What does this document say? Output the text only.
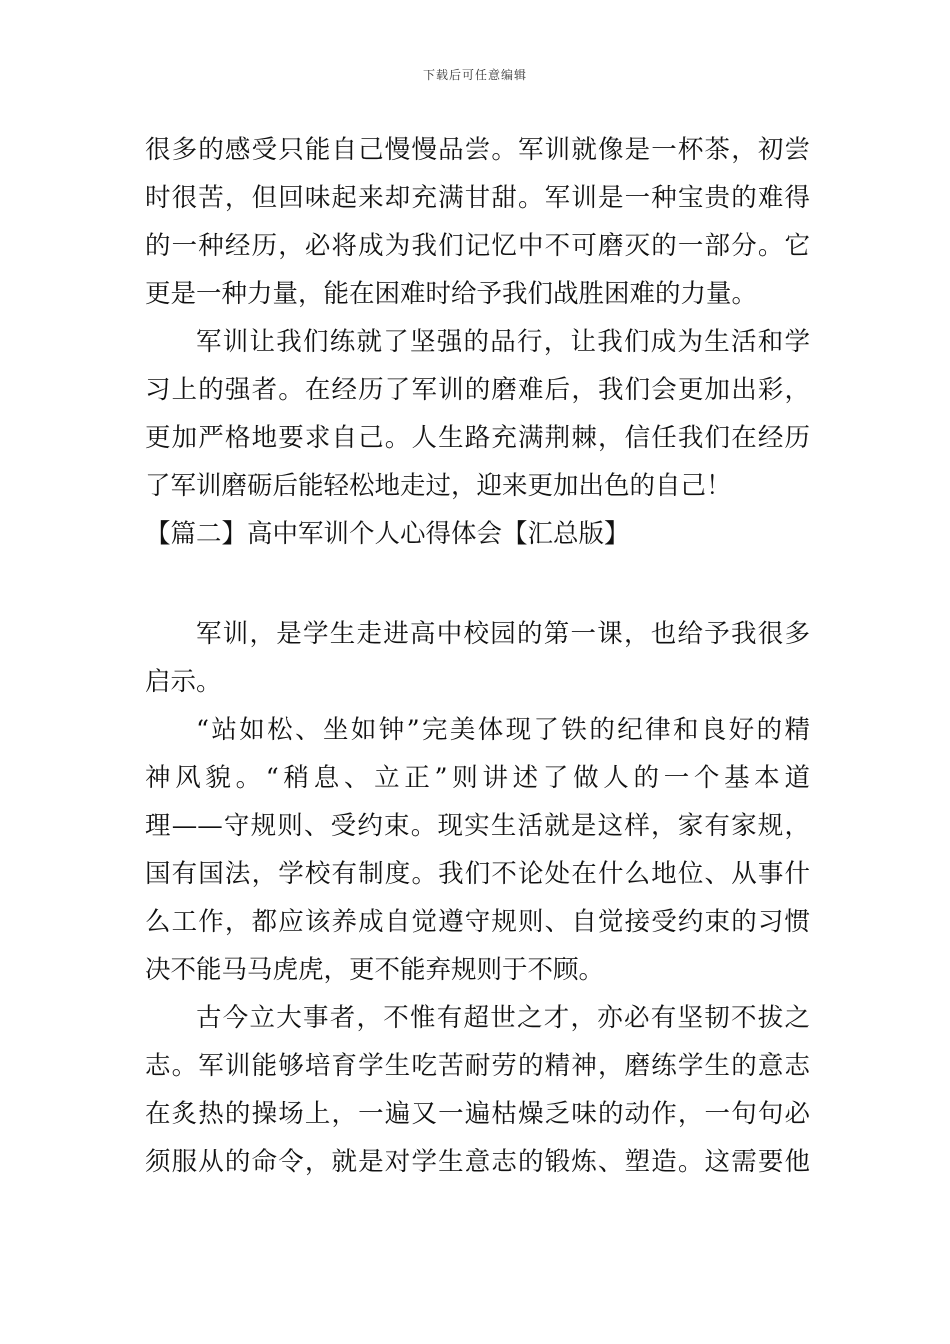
下载后可任意编辑
很多的感受只能自己慢慢品尝。军训就像是一杯茶，初尝
时很苦，但回味起来却充满甘甜。军训是一种宝贵的难得
的一种经历，必将成为我们记忆中不可磨灭的一部分。它
更是一种力量，能在困难时给予我们战胜困难的力量。
军训让我们练就了坚强的品行，让我们成为生活和学
习上的强者。在经历了军训的磨难后，我们会更加出彩，
更加严格地要求自己。人生路充满荆棘，信任我们在经历
了军训磨砺后能轻松地走过，迎来更加出色的自己！
【篇二】高中军训个人心得体会【汇总版】
军训，是学生走进高中校园的第一课，也给予我很多
启示。
“站如松、坐如钟”完美体现了铁的纪律和良好的精
神风貌。“稍息、立正”则讲述了做人的一个基本道
理——守规则、受约束。现实生活就是这样，家有家规，
国有国法，学校有制度。我们不论处在什么地位、从事什
么工作，都应该养成自觉遵守规则、自觉接受约束的习惯
决不能马马虎虎，更不能弃规则于不顾。
古今立大事者，不惟有超世之才，亦必有坚韧不拔之
志。军训能够培育学生吃苦耐劳的精神，磨练学生的意志
在炙热的操场上，一遍又一遍枯燥乏味的动作，一句句必
须服从的命令，就是对学生意志的锻炼、塑造。这需要他
